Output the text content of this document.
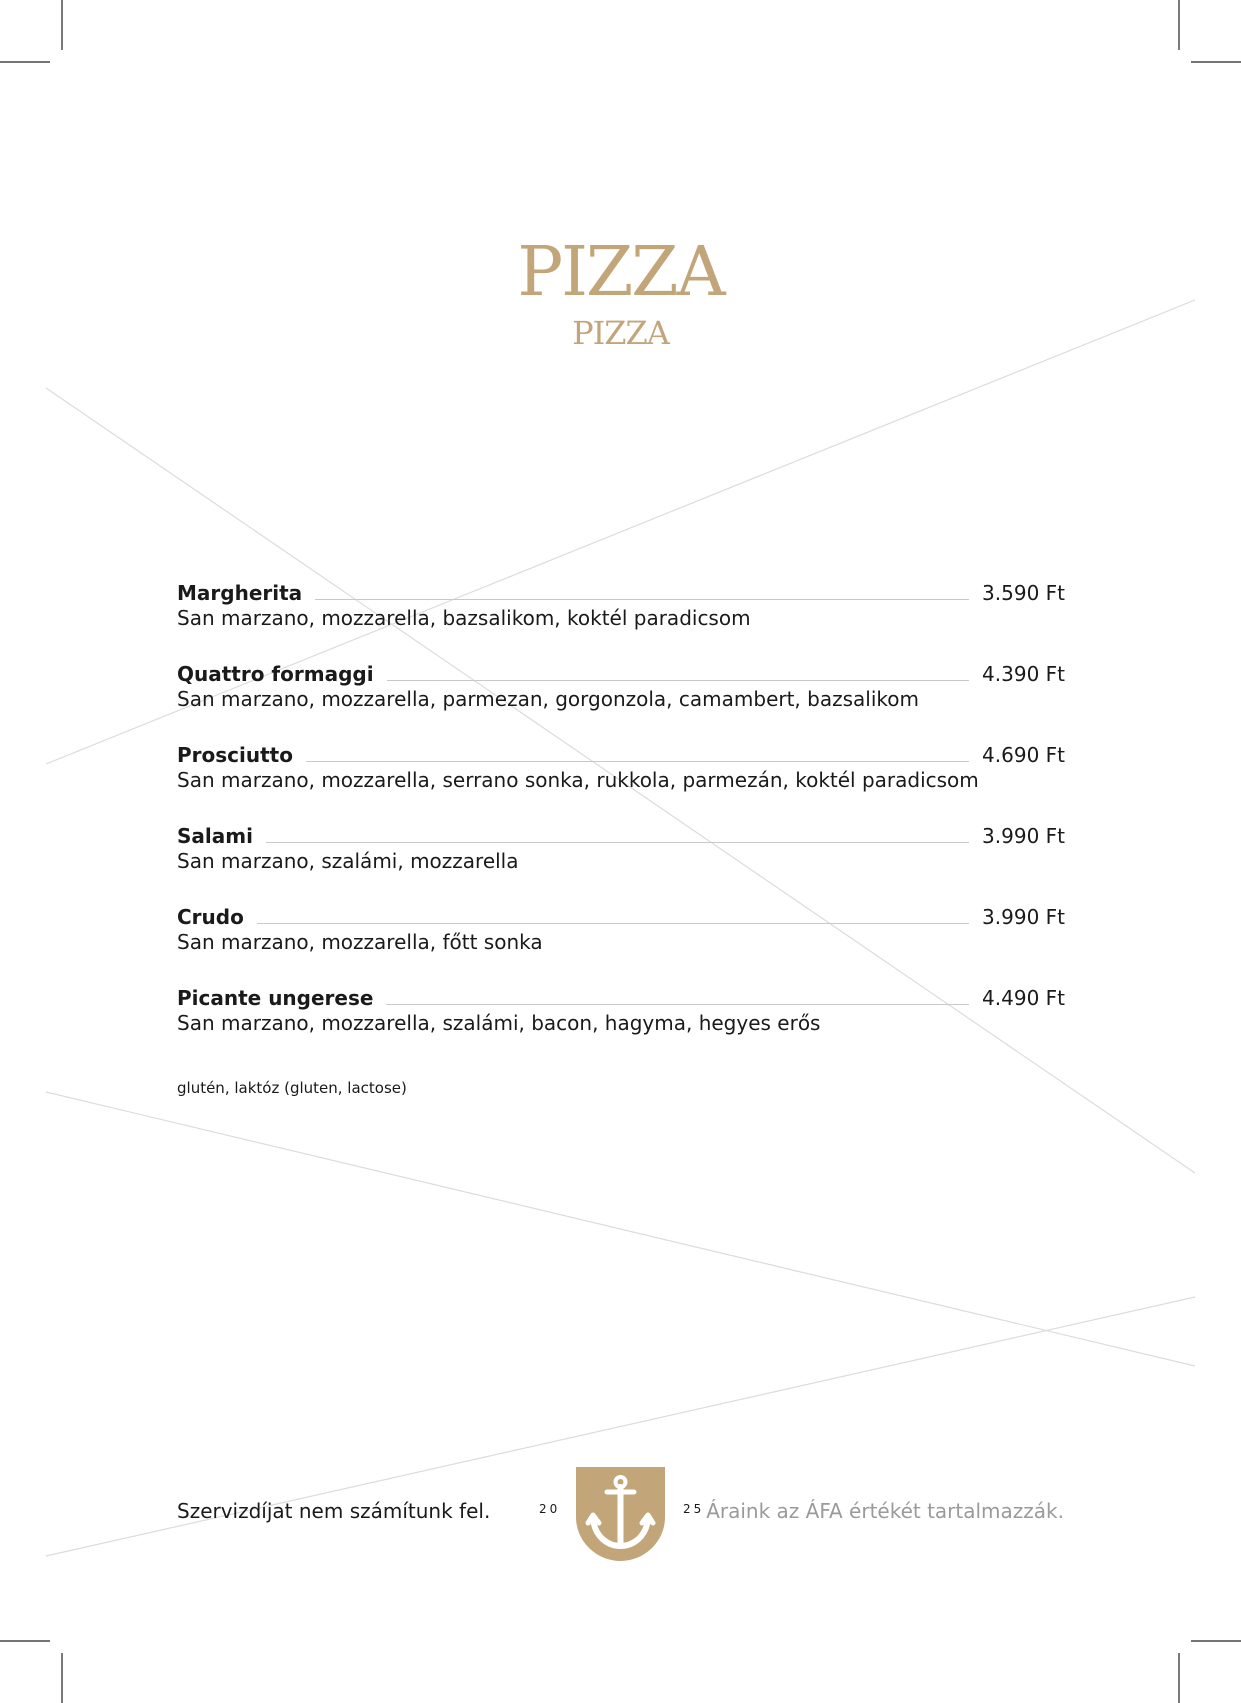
PIZZA
PIZZA
Margherita	3.590 Ft
San marzano, mozzarella, bazsalikom, koktél paradicsom
Quattro formaggi	4.390 Ft
San marzano, mozzarella, parmezan, gorgonzola, camambert, bazsalikom
Prosciutto	4.690 Ft
San marzano, mozzarella, serrano sonka, rukkola, parmezán, koktél paradicsom
Salami	3.990 Ft
San marzano, szalámi, mozzarella
Crudo	3.990 Ft
San marzano, mozzarella, főtt sonka
Picante ungerese	4.490 Ft
San marzano, mozzarella, szalámi, bacon, hagyma, hegyes erős
glutén, laktóz (gluten, lactose)
Szervizdíjat nem számítunk fel.	20	25 Áraink az ÁFA értékét tartalmazzák.
